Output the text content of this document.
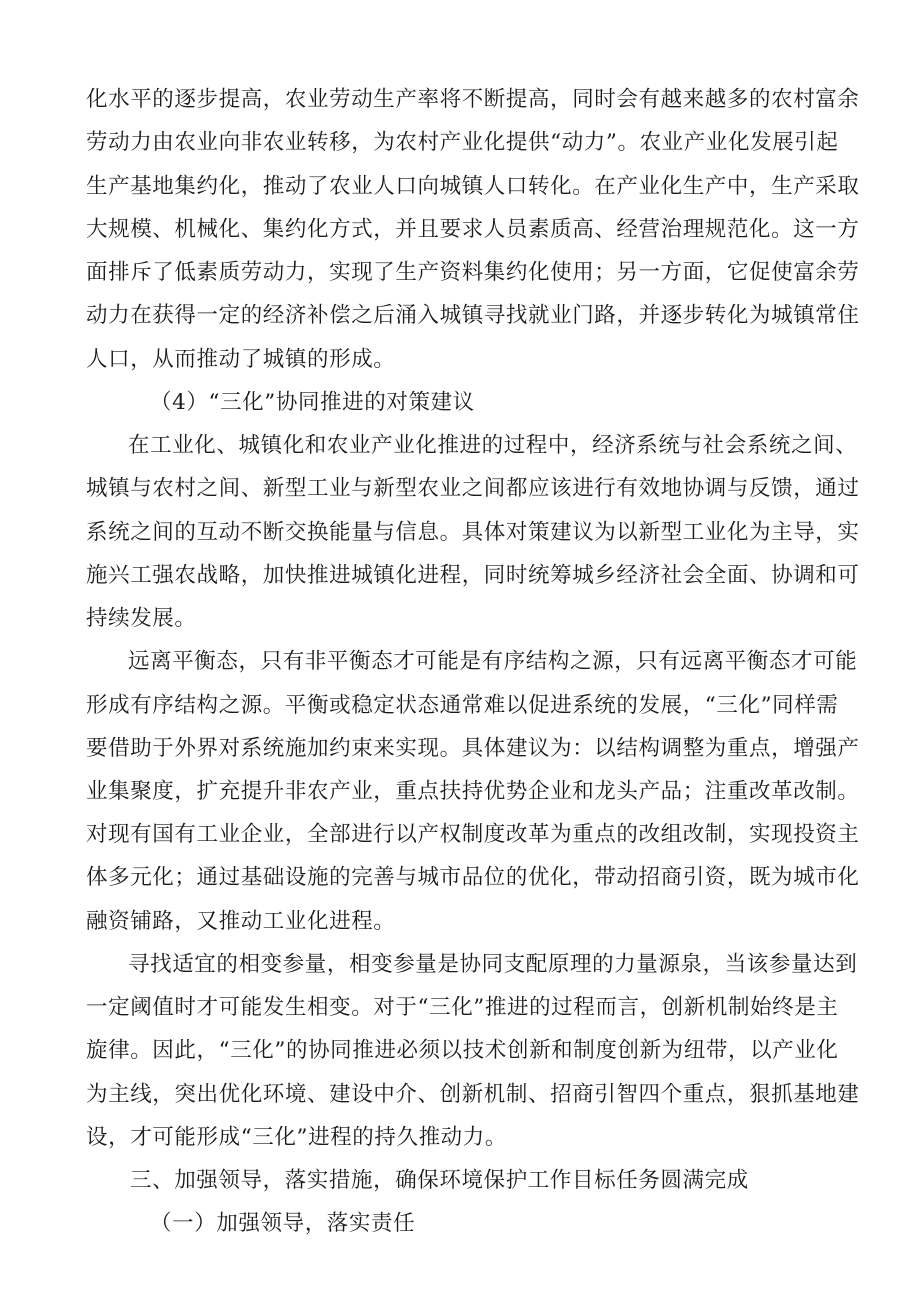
化水平的逐步提高，农业劳动生产率将不断提高，同时会有越来越多的农村富余
劳动力由农业向非农业转移，为农村产业化提供“动力”。农业产业化发展引起
生产基地集约化，推动了农业人口向城镇人口转化。在产业化生产中，生产采取
大规模、机械化、集约化方式，并且要求人员素质高、经营治理规范化。这一方
面排斥了低素质劳动力，实现了生产资料集约化使用；另一方面，它促使富余劳
动力在获得一定的经济补偿之后涌入城镇寻找就业门路，并逐步转化为城镇常住
人口，从而推动了城镇的形成。
（4）“三化”协同推进的对策建议
在工业化、城镇化和农业产业化推进的过程中，经济系统与社会系统之间、
城镇与农村之间、新型工业与新型农业之间都应该进行有效地协调与反馈，通过
系统之间的互动不断交换能量与信息。具体对策建议为以新型工业化为主导，实
施兴工强农战略，加快推进城镇化进程，同时统筹城乡经济社会全面、协调和可
持续发展。
远离平衡态，只有非平衡态才可能是有序结构之源，只有远离平衡态才可能
形成有序结构之源。平衡或稳定状态通常难以促进系统的发展，“三化”同样需
要借助于外界对系统施加约束来实现。具体建议为：以结构调整为重点，增强产
业集聚度，扩充提升非农产业，重点扶持优势企业和龙头产品；注重改革改制。
对现有国有工业企业，全部进行以产权制度改革为重点的改组改制，实现投资主
体多元化；通过基础设施的完善与城市品位的优化，带动招商引资，既为城市化
融资铺路，又推动工业化进程。
寻找适宜的相变参量，相变参量是协同支配原理的力量源泉，当该参量达到
一定阈值时才可能发生相变。对于“三化”推进的过程而言，创新机制始终是主
旋律。因此，“三化”的协同推进必须以技术创新和制度创新为纽带，以产业化
为主线，突出优化环境、建设中介、创新机制、招商引智四个重点，狠抓基地建
设，才可能形成“三化”进程的持久推动力。
三、加强领导，落实措施，确保环境保护工作目标任务圆满完成
（一）加强领导，落实责任
